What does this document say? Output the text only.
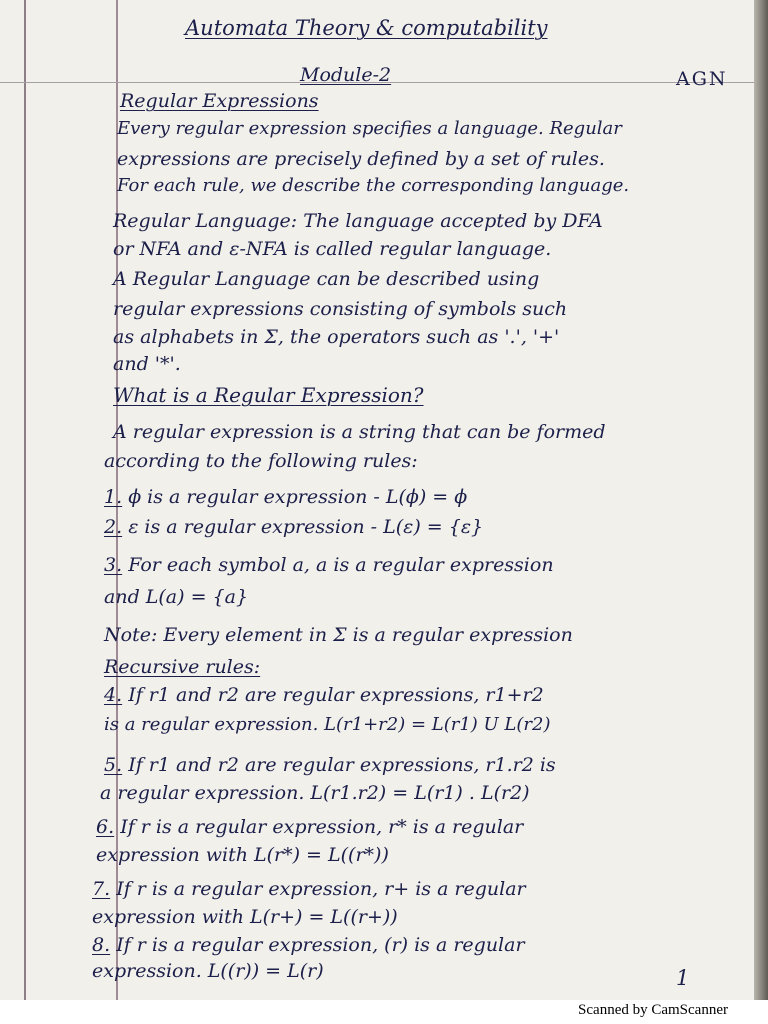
Automata Theory & computability

Module-2	AGN

Regular Expressions

Every regular expression specifies a language. Regular

expressions are precisely defined by a set of rules.

For each rule, we describe the corresponding language.

Regular Language: The language accepted by DFA

or NFA and ε-NFA is called regular language.

A Regular Language can be described using

regular expressions consisting of symbols such

as alphabets in Σ, the operators such as '.', '+'

and '*'.

What is a Regular Expression?

A regular expression is a string that can be formed

according to the following rules:

1. ϕ is a regular expression - L(ϕ) = ϕ
2. ε is a regular expression - L(ε) = {ε}
3. For each symbol a, a is a regular expression

and L(a) = {a}

Note: Every element in Σ is a regular expression

Recursive rules:

4. If r1 and r2 are regular expressions, r1+r2

is a regular expression. L(r1+r2) = L(r1) U L(r2)

5. If r1 and r2 are regular expressions, r1.r2 is

a regular expression. L(r1.r2) = L(r1) . L(r2)

6. If r is a regular expression, r* is a regular

expression with L(r*) = L((r*))

7. If r is a regular expression, r+ is a regular

expression with L(r+) = L((r+))

8. If r is a regular expression, (r) is a regular

expression. L((r)) = L(r)	1

Scanned by CamScanner
